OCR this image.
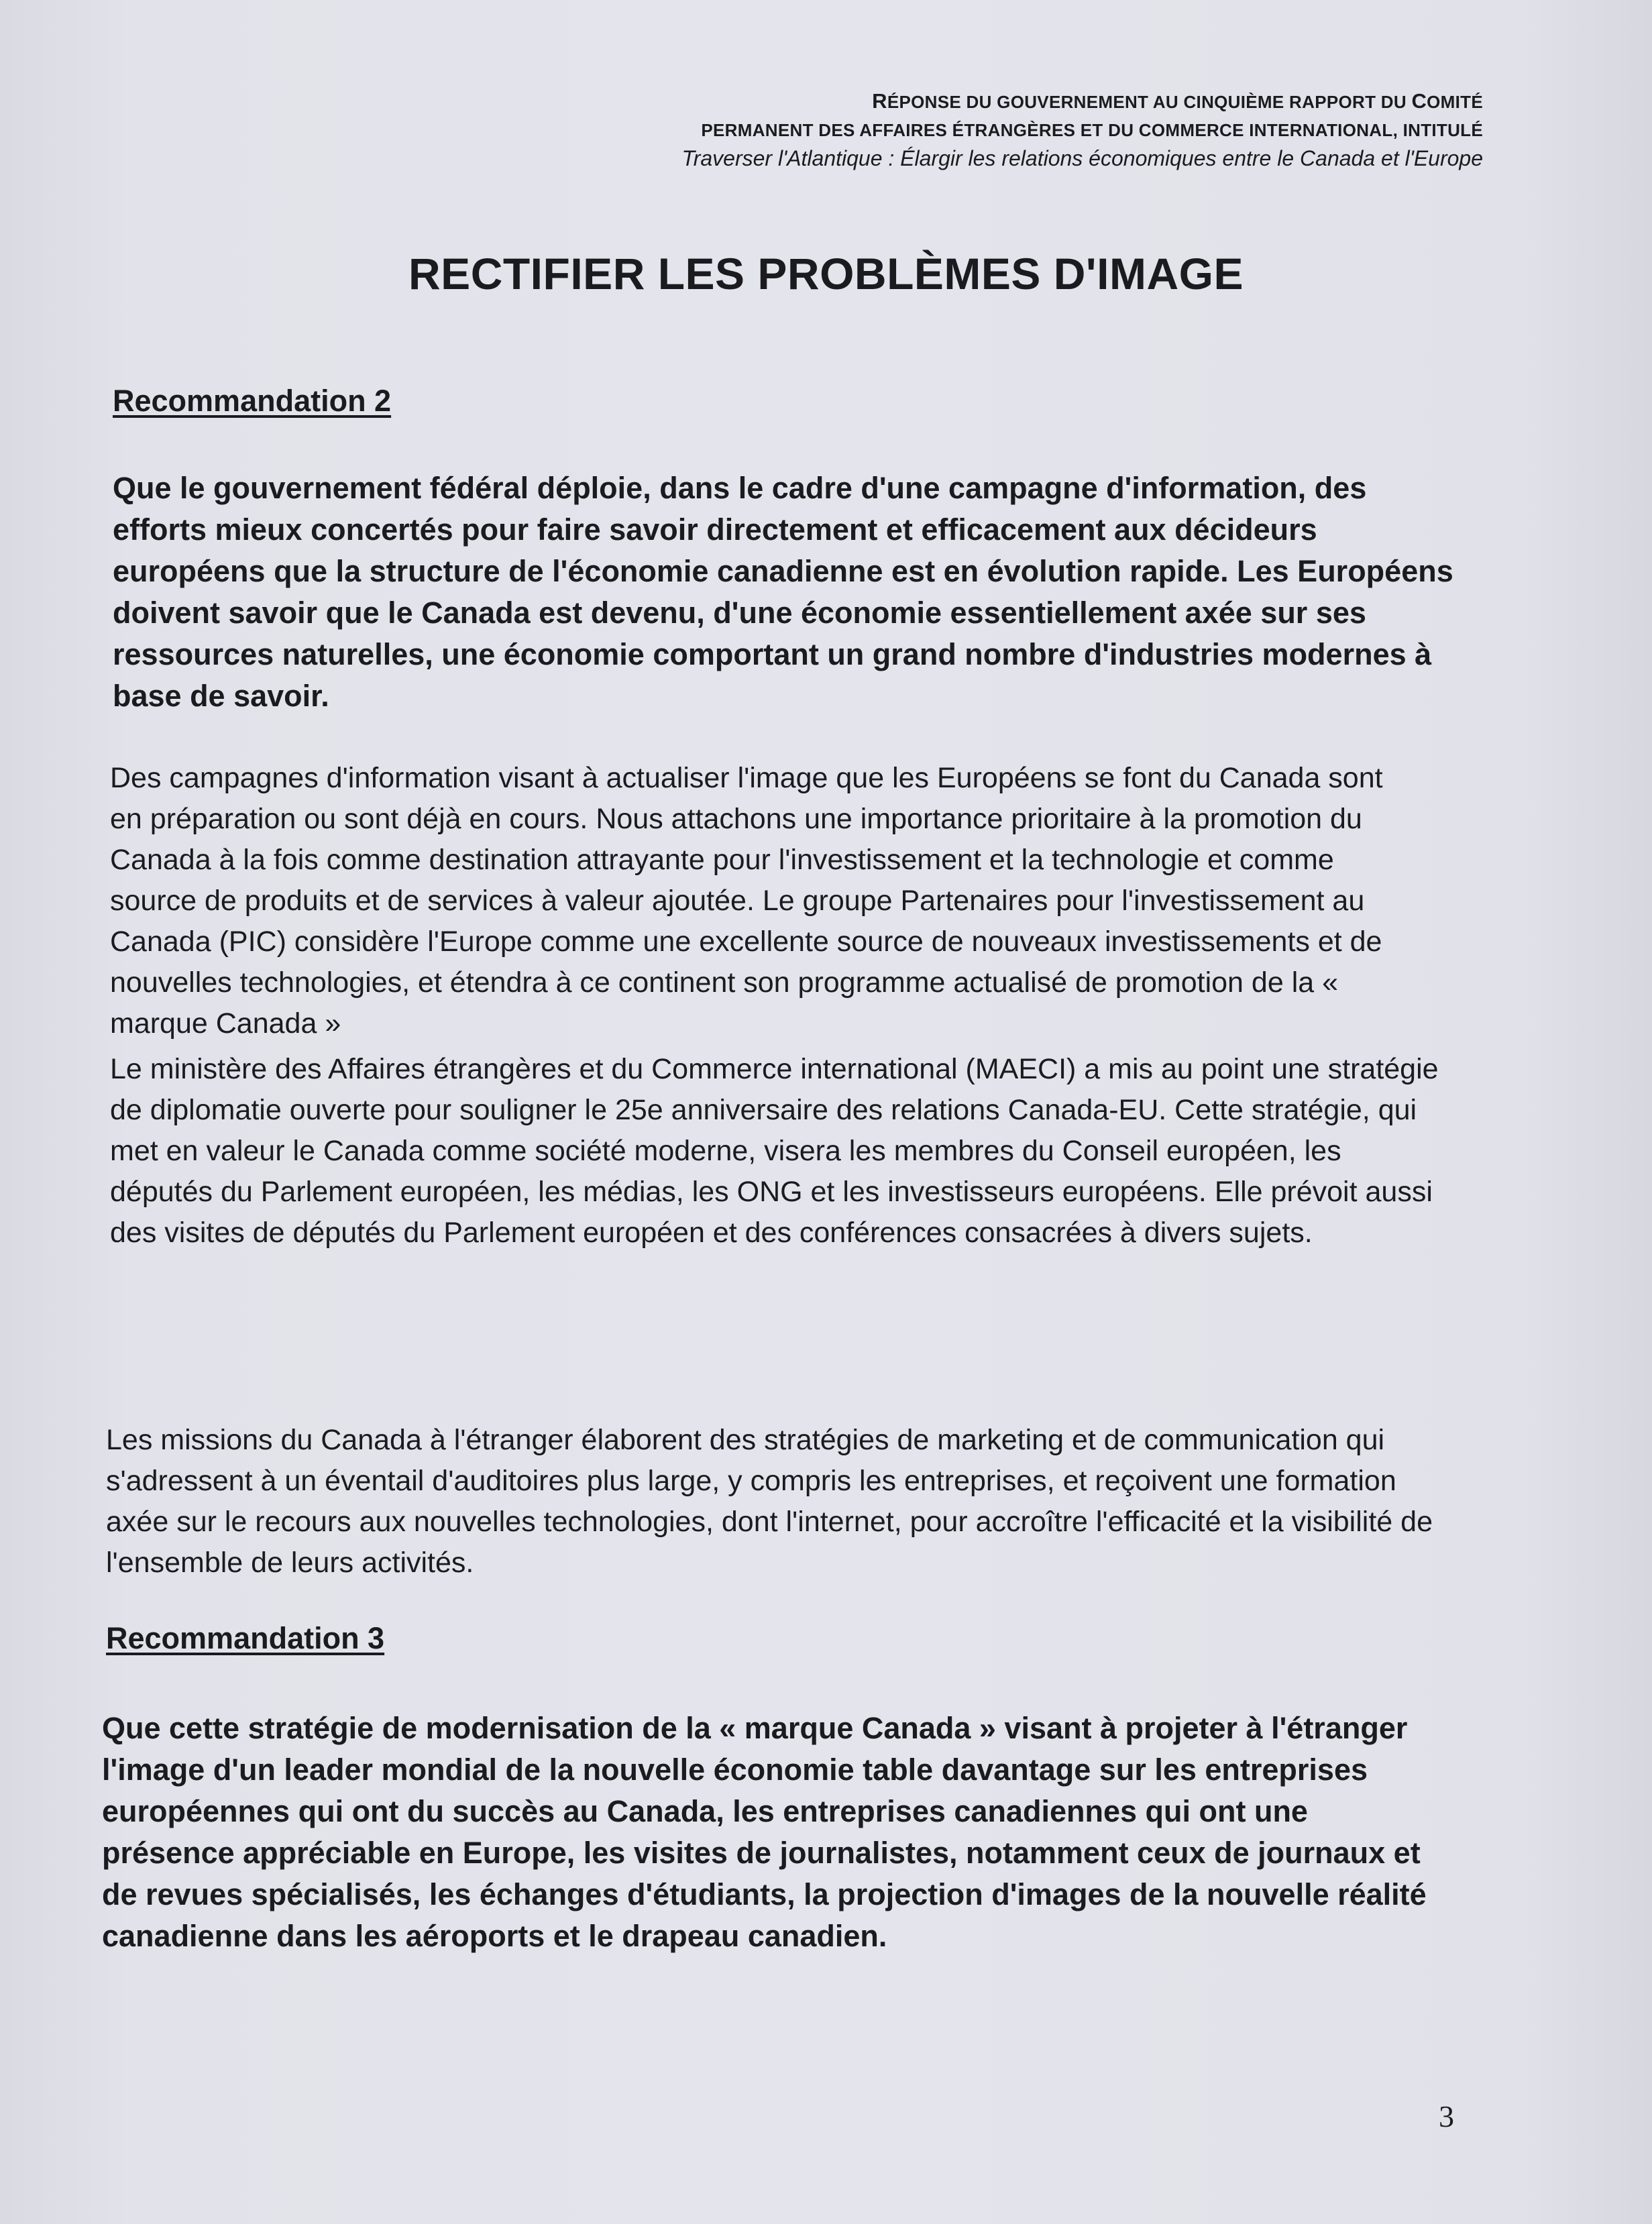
RÉPONSE DU GOUVERNEMENT AU CINQUIÈME RAPPORT DU COMITÉ
PERMANENT DES AFFAIRES ÉTRANGÈRES ET DU COMMERCE INTERNATIONAL, INTITULÉ
Traverser l'Atlantique : Élargir les relations économiques entre le Canada et l'Europe
RECTIFIER LES PROBLÈMES D'IMAGE
Recommandation 2

Que le gouvernement fédéral déploie, dans le cadre d'une campagne d'information, des efforts mieux concertés pour faire savoir directement et efficacement aux décideurs européens que la structure de l'économie canadienne est en évolution rapide. Les Européens doivent savoir que le Canada est devenu, d'une économie essentiellement axée sur ses ressources naturelles, une économie comportant un grand nombre d'industries modernes à base de savoir.

Des campagnes d'information visant à actualiser l'image que les Européens se font du Canada sont en préparation ou sont déjà en cours. Nous attachons une importance prioritaire à la promotion du Canada à la fois comme destination attrayante pour l'investissement et la technologie et comme source de produits et de services à valeur ajoutée. Le groupe Partenaires pour l'investissement au Canada (PIC) considère l'Europe comme une excellente source de nouveaux investissements et de nouvelles technologies, et étendra à ce continent son programme actualisé de promotion de la « marque Canada »

Le ministère des Affaires étrangères et du Commerce international (MAECI) a mis au point une stratégie de diplomatie ouverte pour souligner le 25e anniversaire des relations Canada-EU. Cette stratégie, qui met en valeur le Canada comme société moderne, visera les membres du Conseil européen, les députés du Parlement européen, les médias, les ONG et les investisseurs européens. Elle prévoit aussi des visites de députés du Parlement européen et des conférences consacrées à divers sujets.

Les missions du Canada à l'étranger élaborent des stratégies de marketing et de communication qui s'adressent à un éventail d'auditoires plus large, y compris les entreprises, et reçoivent une formation axée sur le recours aux nouvelles technologies, dont l'internet, pour accroître l'efficacité et la visibilité de l'ensemble de leurs activités.

Recommandation 3

Que cette stratégie de modernisation de la « marque Canada » visant à projeter à l'étranger l'image d'un leader mondial de la nouvelle économie table davantage sur les entreprises européennes qui ont du succès au Canada, les entreprises canadiennes qui ont une présence appréciable en Europe, les visites de journalistes, notamment ceux de journaux et de revues spécialisés, les échanges d'étudiants, la projection d'images de la nouvelle réalité canadienne dans les aéroports et le drapeau canadien.

3
